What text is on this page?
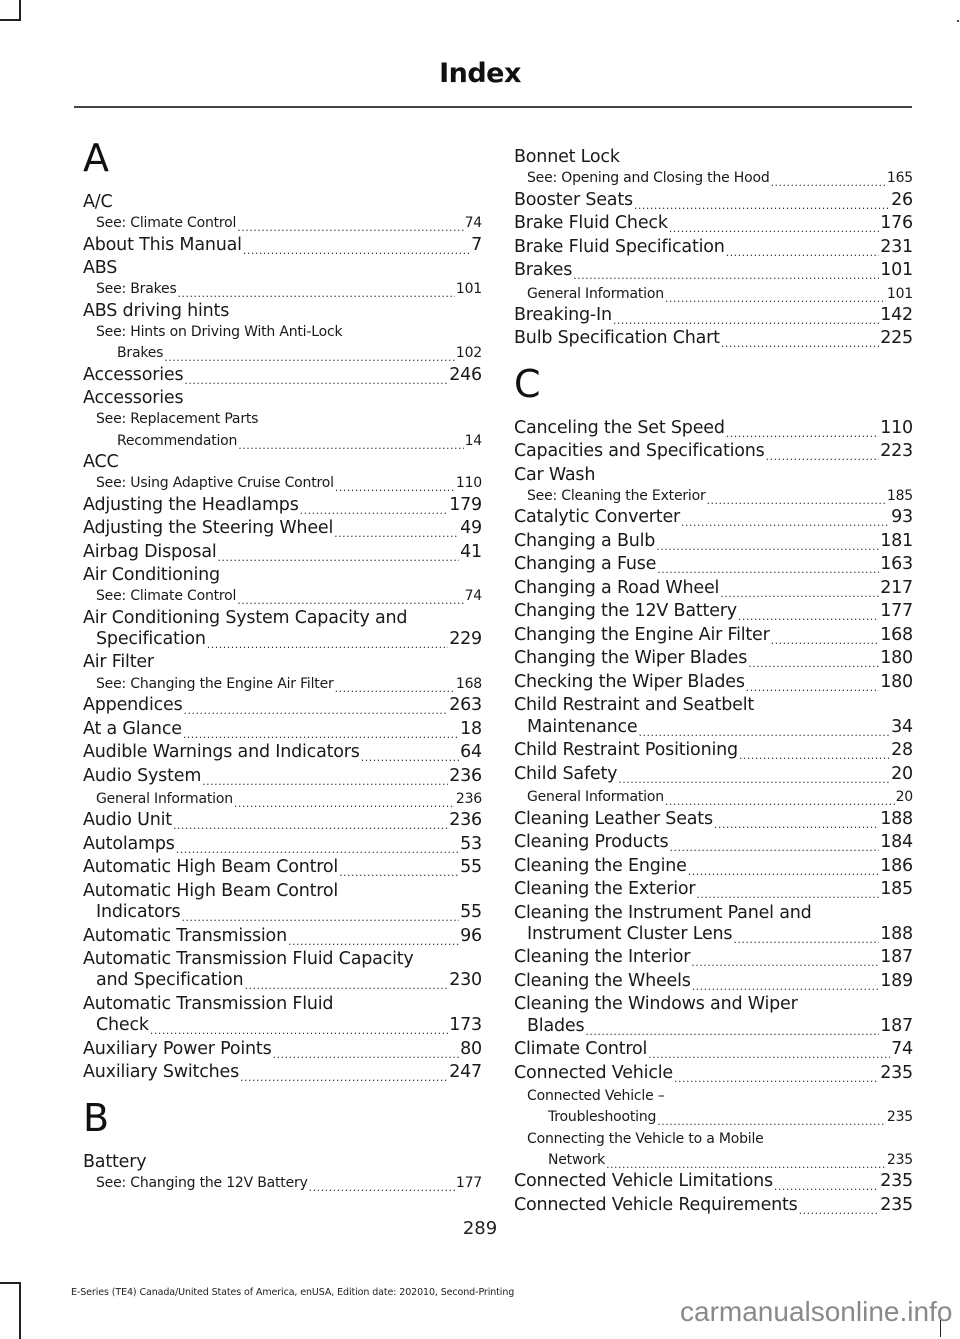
Index
A
A/C
See: Climate Control .....	74
About This Manual .....	7
ABS
See: Brakes .....	101
ABS driving hints
See: Hints on Driving With Anti-Lock
Brakes .....	102
Accessories .....	246
Accessories
See: Replacement Parts
Recommendation .....	14
ACC
See: Using Adaptive Cruise Control .....	110
Adjusting the Headlamps .....	179
Adjusting the Steering Wheel .....	49
Airbag Disposal .....	41
Air Conditioning
See: Climate Control .....	74
Air Conditioning System Capacity and
Specification .....	229
Air Filter
See: Changing the Engine Air Filter .....	168
Appendices .....	263
At a Glance .....	18
Audible Warnings and Indicators .....	64
Audio System .....	236
General Information .....	236
Audio Unit .....	236
Autolamps .....	53
Automatic High Beam Control .....	55
Automatic High Beam Control
Indicators .....	55
Automatic Transmission .....	96
Automatic Transmission Fluid Capacity
and Specification .....	230
Automatic Transmission Fluid
Check .....	173
Auxiliary Power Points .....	80
Auxiliary Switches .....	247
B
Battery
See: Changing the 12V Battery .....	177
Bonnet Lock
See: Opening and Closing the Hood .....	165
Booster Seats .....	26
Brake Fluid Check .....	176
Brake Fluid Specification .....	231
Brakes .....	101
General Information .....	101
Breaking-In .....	142
Bulb Specification Chart .....	225
C
Canceling the Set Speed .....	110
Capacities and Specifications .....	223
Car Wash
See: Cleaning the Exterior .....	185
Catalytic Converter .....	93
Changing a Bulb .....	181
Changing a Fuse .....	163
Changing a Road Wheel .....	217
Changing the 12V Battery .....	177
Changing the Engine Air Filter .....	168
Changing the Wiper Blades .....	180
Checking the Wiper Blades .....	180
Child Restraint and Seatbelt
Maintenance .....	34
Child Restraint Positioning .....	28
Child Safety .....	20
General Information .....	20
Cleaning Leather Seats .....	188
Cleaning Products .....	184
Cleaning the Engine .....	186
Cleaning the Exterior .....	185
Cleaning the Instrument Panel and
Instrument Cluster Lens .....	188
Cleaning the Interior .....	187
Cleaning the Wheels .....	189
Cleaning the Windows and Wiper
Blades .....	187
Climate Control .....	74
Connected Vehicle .....	235
Connected Vehicle –
Troubleshooting .....	235
Connecting the Vehicle to a Mobile
Network .....	235
Connected Vehicle Limitations .....	235
Connected Vehicle Requirements .....	235
289
E-Series (TE4) Canada/United States of America, enUSA, Edition date: 202010, Second-Printing
carmanualsonline.info
